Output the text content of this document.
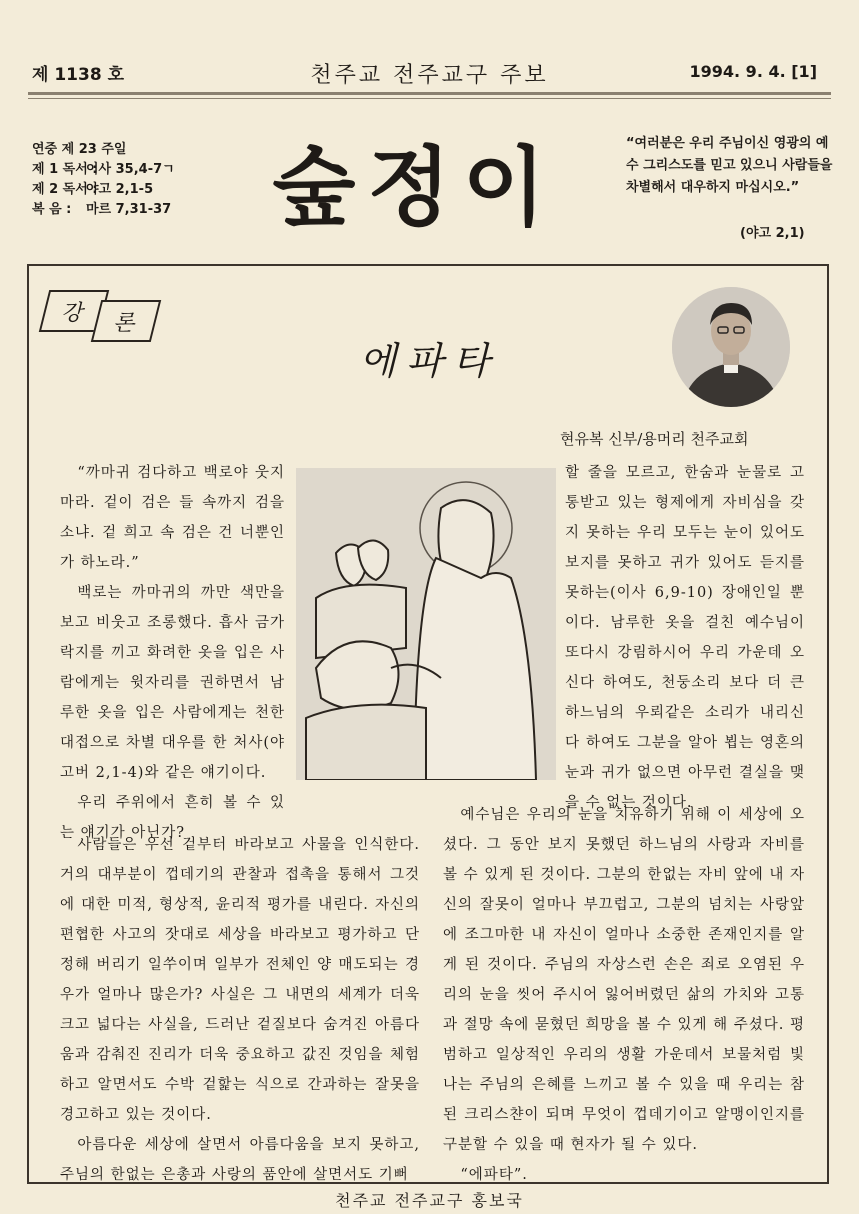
제 1138 호	천주교 전주교구 주보	1994. 9. 4. [1]
연중 제 23 주일
제 1 독서 :이사 35,4-7ㄱ
제 2 독서 :야고 2,1-5
복 음 : 마르 7,31-37 숲정이	“여러분은 우리 주님이신 영광의 예수 그리스도를 믿고 있으니 사람들을 차별해서 대우하지 마십시오.”
(야고 2,1)
강 론
에파타
현유복 신부/용머리 천주교회

“까마귀 검다하고 백로야 웃지마라. 겉이 검은 들 속까지 검을소냐. 겉 희고 속 검은 건 너뿐인가 하노라.”

백로는 까마귀의 까만 색만을 보고 비웃고 조롱했다. 흡사 금가락지를 끼고 화려한 옷을 입은 사람에게는 윗자리를 권하면서 남루한 옷을 입은 사람에게는 천한 대접으로 차별 대우를 한 처사(야고버 2,1-4)와 같은 얘기이다.

우리 주위에서 흔히 볼 수 있는 얘기가 아닌가?

할 줄을 모르고, 한숨과 눈물로 고통받고 있는 형제에게 자비심을 갖지 못하는 우리 모두는 눈이 있어도 보지를 못하고 귀가 있어도 듣지를 못하는(이사 6,9-10) 장애인일 뿐이다. 남루한 옷을 걸친 예수님이 또다시 강림하시어 우리 가운데 오신다 하여도, 천둥소리 보다 더 큰 하느님의 우뢰같은 소리가 내리신다 하여도 그분을 알아 뵙는 영혼의 눈과 귀가 없으면 아무런 결실을 맺을 수 없는 것이다.

사람들은 우선 겉부터 바라보고 사물을 인식한다. 거의 대부분이 껍데기의 관찰과 접촉을 통해서 그것에 대한 미적, 형상적, 윤리적 평가를 내린다. 자신의 편협한 사고의 잣대로 세상을 바라보고 평가하고 단정해 버리기 일쑤이며 일부가 전체인 양 매도되는 경우가 얼마나 많은가? 사실은 그 내면의 세계가 더욱 크고 넓다는 사실을, 드러난 겉질보다 숨겨진 아름다움과 감춰진 진리가 더욱 중요하고 값진 것임을 체험하고 알면서도 수박 겉핥는 식으로 간과하는 잘못을 경고하고 있는 것이다.

아름다운 세상에 살면서 아름다움을 보지 못하고, 주님의 한없는 은총과 사랑의 품안에 살면서도 기뻐

예수님은 우리의 눈을 치유하기 위해 이 세상에 오셨다. 그 동안 보지 못했던 하느님의 사랑과 자비를 볼 수 있게 된 것이다. 그분의 한없는 자비 앞에 내 자신의 잘못이 얼마나 부끄럽고, 그분의 넘치는 사랑앞에 조그마한 내 자신이 얼마나 소중한 존재인지를 알게 된 것이다. 주님의 자상스런 손은 죄로 오염된 우리의 눈을 씻어 주시어 잃어버렸던 삶의 가치와 고통과 절망 속에 묻혔던 희망을 볼 수 있게 해 주셨다. 평범하고 일상적인 우리의 생활 가운데서 보물처럼 빛나는 주님의 은혜를 느끼고 볼 수 있을 때 우리는 참된 크리스챤이 되며 무엇이 껍데기이고 알맹이인지를 구분할 수 있을 때 현자가 될 수 있다.

“에파타”.

천주교 전주교구 홍보국
